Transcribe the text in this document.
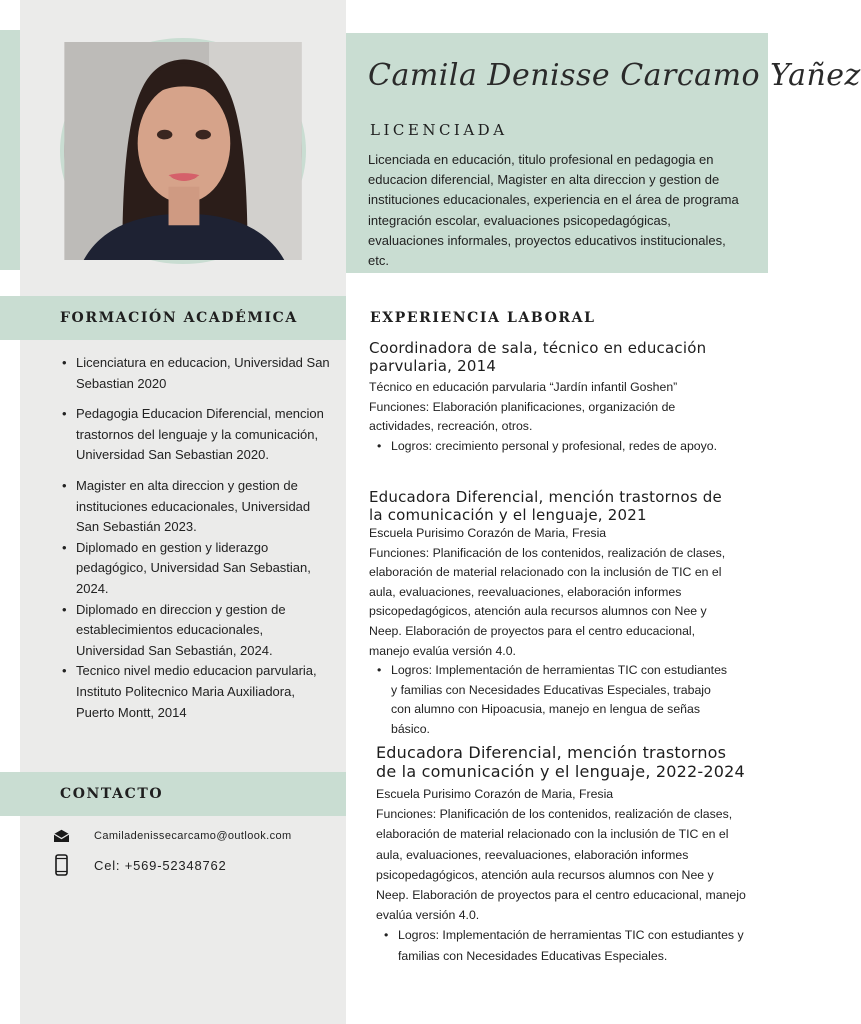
Camila Denisse Carcamo Yañez
LICENCIADA
Licenciada en educación, titulo profesional en pedagogia en educacion diferencial, Magister en alta direccion y gestion de instituciones educacionales, experiencia en el área de programa integración escolar, evaluaciones psicopedagógicas, evaluaciones informales, proyectos educativos institucionales, etc.
FORMACIÓN ACADÉMICA
• Licenciatura en educacion, Universidad San Sebastian 2020
• Pedagogia Educacion Diferencial, mencion trastornos del lenguaje y la comunicación, Universidad San Sebastian 2020.
• Magister en alta direccion y gestion de instituciones educacionales, Universidad San Sebastián 2023.
• Diplomado en gestion y liderazgo pedagógico, Universidad San Sebastian, 2024.
• Diplomado en direccion y gestion de establecimientos educacionales, Universidad San Sebastián, 2024.
• Tecnico nivel medio educacion parvularia, Instituto Politecnico Maria Auxiliadora, Puerto Montt, 2014
CONTACTO
Camiladenissecarcamo@outlook.com
Cel: +569-52348762
EXPERIENCIA LABORAL
Coordinadora de sala, técnico en educación parvularia, 2014
Técnico en educación parvularia “Jardín infantil Goshen”
Funciones: Elaboración planificaciones, organización de actividades, recreación, otros.
• Logros: crecimiento personal y profesional, redes de apoyo.
Educadora Diferencial, mención trastornos de la comunicación y el lenguaje, 2021
Escuela Purisimo Corazón de Maria, Fresia
Funciones: Planificación de los contenidos, realización de clases, elaboración de material relacionado con la inclusión de TIC en el aula, evaluaciones, reevaluaciones, elaboración informes psicopedagógicos, atención aula recursos alumnos con Nee y Neep. Elaboración de proyectos para el centro educacional, manejo evalúa versión 4.0.
• Logros: Implementación de herramientas TIC con estudiantes y familias con Necesidades Educativas Especiales, trabajo con alumno con Hipoacusia, manejo en lengua de señas básico.
Educadora Diferencial, mención trastornos de la comunicación y el lenguaje, 2022-2024
Escuela Purisimo Corazón de Maria, Fresia
Funciones: Planificación de los contenidos, realización de clases, elaboración de material relacionado con la inclusión de TIC en el aula, evaluaciones, reevaluaciones, elaboración informes psicopedagógicos, atención aula recursos alumnos con Nee y Neep. Elaboración de proyectos para el centro educacional, manejo evalúa versión 4.0.
• Logros: Implementación de herramientas TIC con estudiantes y familias con Necesidades Educativas Especiales.
